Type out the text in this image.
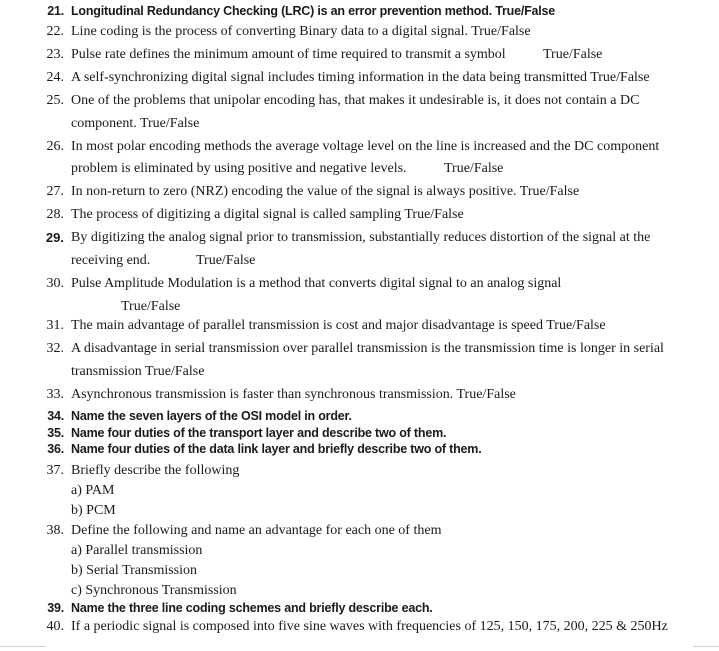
21. Longitudinal Redundancy Checking (LRC) is an error prevention method. True/False
22. Line coding is the process of converting Binary data to a digital signal. True/False
23. Pulse rate defines the minimum amount of time required to transmit a symbol	True/False
24. A self-synchronizing digital signal includes timing information in the data being transmitted True/False
25. One of the problems that unipolar encoding has, that makes it undesirable is, it does not contain a DC
component. True/False
26. In most polar encoding methods the average voltage level on the line is increased and the DC component
problem is eliminated by using positive and negative levels.	True/False
27. In non-return to zero (NRZ) encoding the value of the signal is always positive. True/False
28. The process of digitizing a digital signal is called sampling True/False
29. By digitizing the analog signal prior to transmission, substantially reduces distortion of the signal at the
receiving end.	True/False
30. Pulse Amplitude Modulation is a method that converts digital signal to an analog signal
True/False
31. The main advantage of parallel transmission is cost and major disadvantage is speed True/False
32. A disadvantage in serial transmission over parallel transmission is the transmission time is longer in serial
transmission True/False
33. Asynchronous transmission is faster than synchronous transmission. True/False
34. Name the seven layers of the OSI model in order.
35. Name four duties of the transport layer and describe two of them.
36. Name four duties of the data link layer and briefly describe two of them.
37. Briefly describe the following
a) PAM
b) PCM
38. Define the following and name an advantage for each one of them
a) Parallel transmission
b) Serial Transmission
c) Synchronous Transmission
39. Name the three line coding schemes and briefly describe each.
40. If a periodic signal is composed into five sine waves with frequencies of 125, 150, 175, 200, 225 & 250Hz
